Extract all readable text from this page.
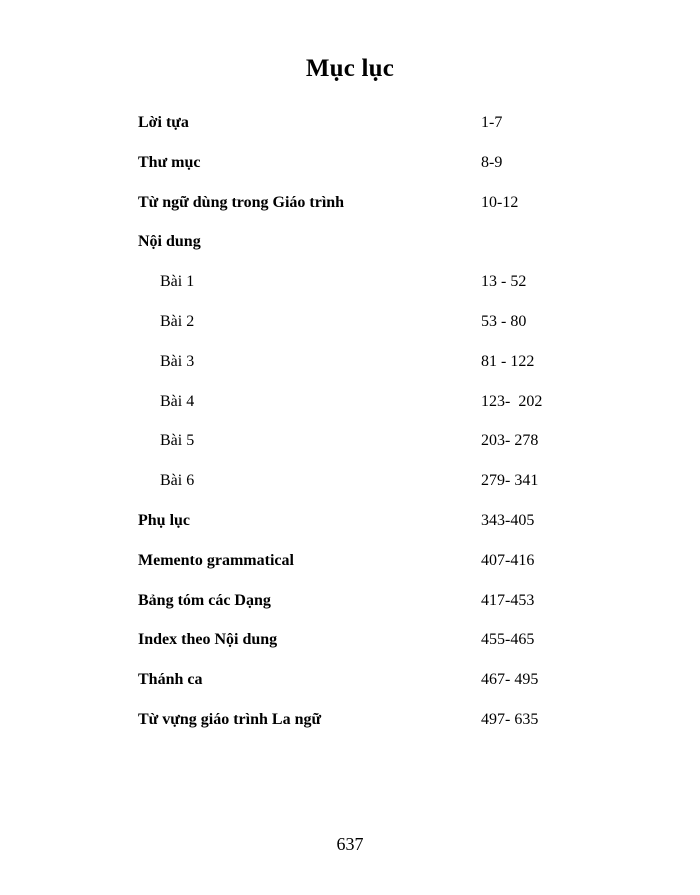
Mục lục
Lời tựa	1-7
Thư mục	8-9
Từ ngữ dùng trong Giáo trình	10-12
Nội dung
Bài 1	13 - 52
Bài 2	53 - 80
Bài 3	81 - 122
Bài 4	123-  202
Bài 5	203- 278
Bài 6	279- 341
Phụ lục	343-405
Memento grammatical	407-416
Bảng tóm các Dạng	417-453
Index theo Nội dung	455-465
Thánh ca	467- 495
Từ vựng giáo trình La ngữ	497- 635
637
